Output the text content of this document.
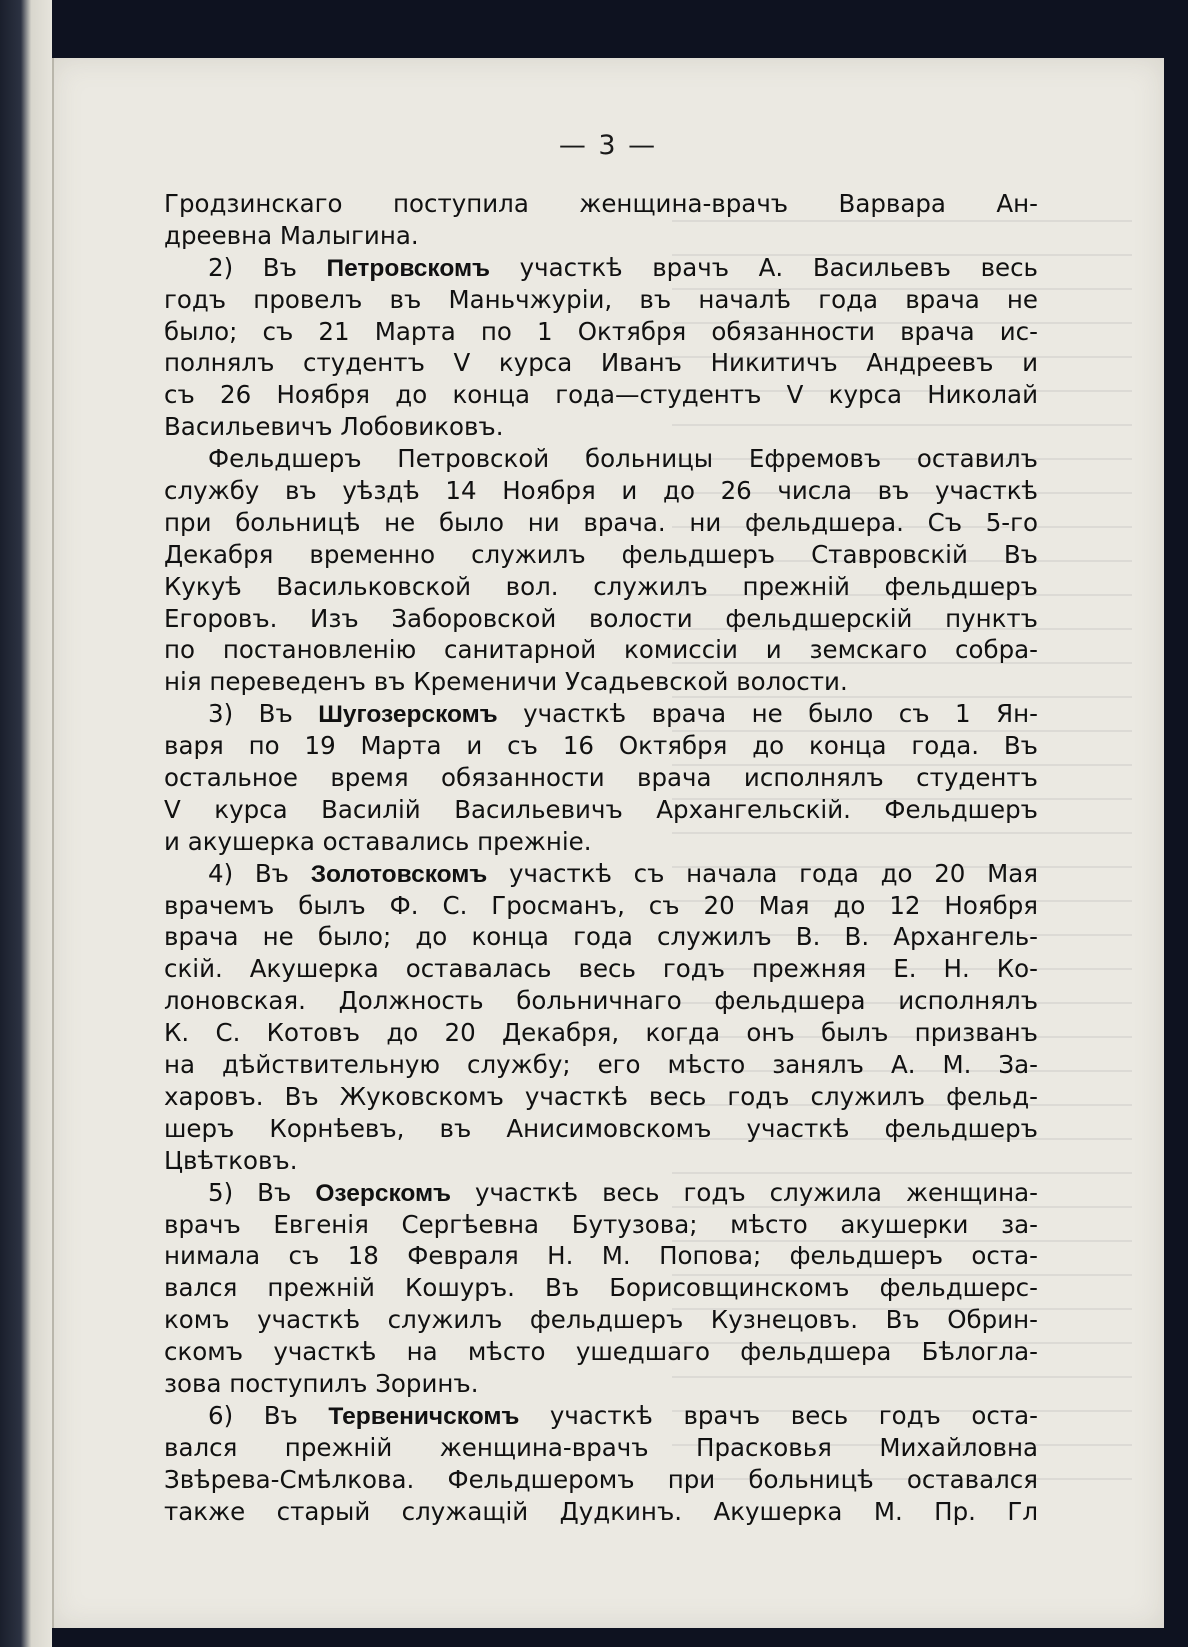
— 3 —
Гродзинскаго поступила женщина-врачъ Варвара Ан-
дреевна Малыгина.
2) Въ Петровскомъ участкѣ врачъ А. Васильевъ весь
годъ провелъ въ Маньчжуріи, въ началѣ года врача не
было; съ 21 Марта по 1 Октября обязанности врача ис-
полнялъ студентъ V курса Иванъ Никитичъ Андреевъ и
съ 26 Ноября до конца года—студентъ V курса Николай
Васильевичъ Лобовиковъ.
Фельдшеръ Петровской больницы Ефремовъ оставилъ
службу въ уѣздѣ 14 Ноября и до 26 числа въ участкѣ
при больницѣ не было ни врача. ни фельдшера. Съ 5-го
Декабря временно служилъ фельдшеръ Ставровскій Въ
Кукуѣ Васильковской вол. служилъ прежній фельдшеръ
Егоровъ. Изъ Заборовской волости фельдшерскій пунктъ
по постановленію санитарной комиссіи и земскаго собра-
нія переведенъ въ Кременичи Усадьевской волости.
3) Въ Шугозерскомъ участкѣ врача не было съ 1 Ян-
варя по 19 Марта и съ 16 Октября до конца года. Въ
остальное время обязанности врача исполнялъ студентъ
V курса Василій Васильевичъ Архангельскій. Фельдшеръ
и акушерка оставались прежніе.
4) Въ Золотовскомъ участкѣ съ начала года до 20 Мая
врачемъ былъ Ф. С. Гросманъ, съ 20 Мая до 12 Ноября
врача не было; до конца года служилъ В. В. Архангель-
скій. Акушерка оставалась весь годъ прежняя Е. Н. Ко-
лоновская. Должность больничнаго фельдшера исполнялъ
К. С. Котовъ до 20 Декабря, когда онъ былъ призванъ
на дѣйствительную службу; его мѣсто занялъ А. М. За-
харовъ. Въ Жуковскомъ участкѣ весь годъ служилъ фельд-
шеръ Корнѣевъ, въ Анисимовскомъ участкѣ фельдшеръ
Цвѣтковъ.
5) Въ Озерскомъ участкѣ весь годъ служила женщина-
врачъ Евгенія Сергѣевна Бутузова; мѣсто акушерки за-
нимала съ 18 Февраля Н. М. Попова; фельдшеръ оста-
вался прежній Кошуръ. Въ Борисовщинскомъ фельдшерс-
комъ участкѣ служилъ фельдшеръ Кузнецовъ. Въ Обрин-
скомъ участкѣ на мѣсто ушедшаго фельдшера Бѣлоглa-
зова поступилъ Зоринъ.
6) Въ Тервеничскомъ участкѣ врачъ весь годъ оста-
вался прежній женщина-врачъ Прасковья Михайловна
Звѣрева-Смѣлкова. Фельдшеромъ при больницѣ оставался
также старый служащій Дудкинъ. Акушерка М. Пр. Гл
